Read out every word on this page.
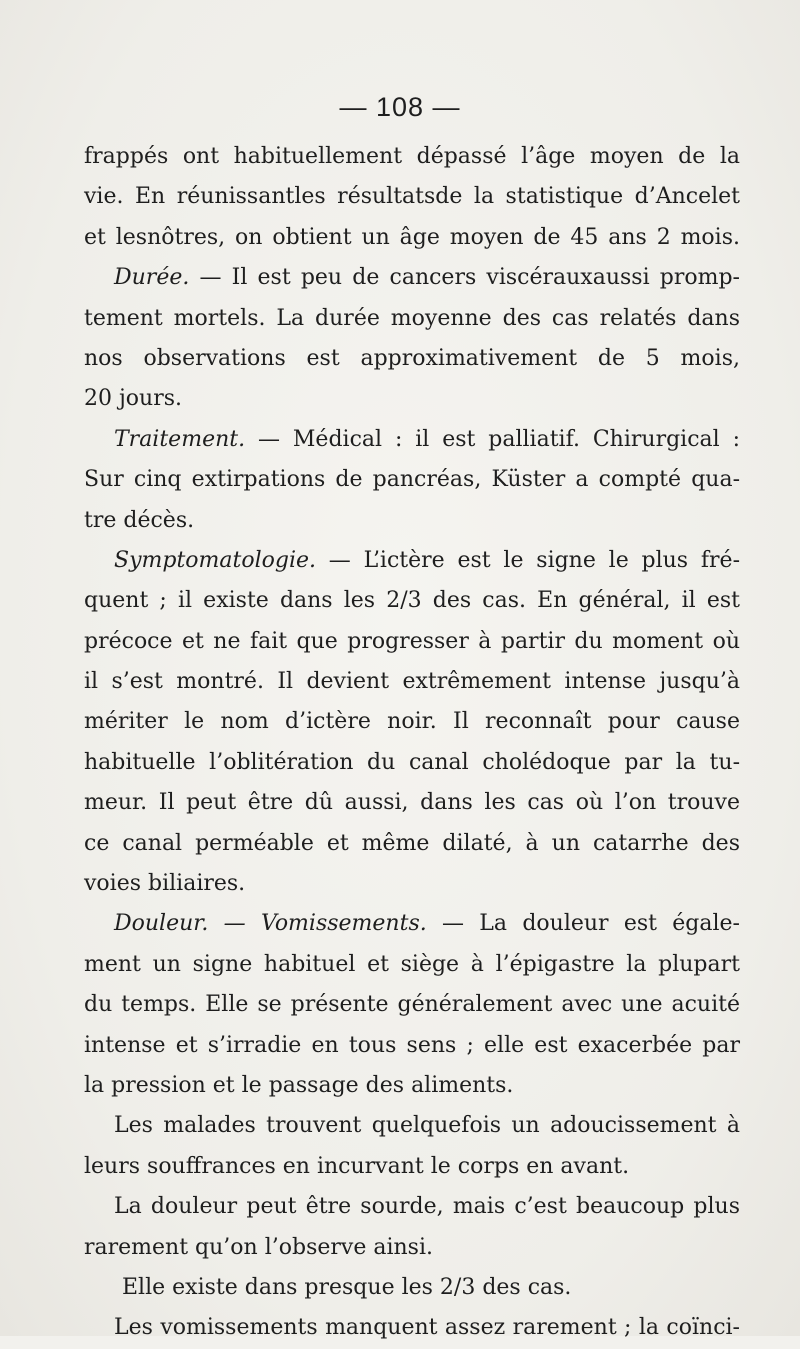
— 108 —

frappés ont habituellement dépassé l’âge moyen de la

vie. En réunissantles résultatsde la statistique d’Ancelet

et lesnôtres, on obtient un âge moyen de 45 ans 2 mois.

Durée. — Il est peu de cancers viscérauxaussi promp-

tement mortels. La durée moyenne des cas relatés dans

nos observations est approximativement de 5 mois,

20 jours.

Traitement. — Médical : il est palliatif. Chirurgical :

Sur cinq extirpations de pancréas, Küster a compté qua-

tre décès.

Symptomatologie. — L’ictère est le signe le plus fré-

quent ; il existe dans les 2/3 des cas. En général, il est

précoce et ne fait que progresser à partir du moment où

il s’est montré. Il devient extrêmement intense jusqu’à

mériter le nom d’ictère noir. Il reconnaît pour cause

habituelle l’oblitération du canal cholédoque par la tu-

meur. Il peut être dû aussi, dans les cas où l’on trouve

ce canal perméable et même dilaté, à un catarrhe des

voies biliaires.

Douleur. — Vomissements. — La douleur est égale-

ment un signe habituel et siège à l’épigastre la plupart

du temps. Elle se présente généralement avec une acuité

intense et s’irradie en tous sens ; elle est exacerbée par

la pression et le passage des aliments.

Les malades trouvent quelquefois un adoucissement à

leurs souffrances en incurvant le corps en avant.

La douleur peut être sourde, mais c’est beaucoup plus

rarement qu’on l’observe ainsi.

Elle existe dans presque les 2/3 des cas.

Les vomissements manquent assez rarement ; la coïnci-
